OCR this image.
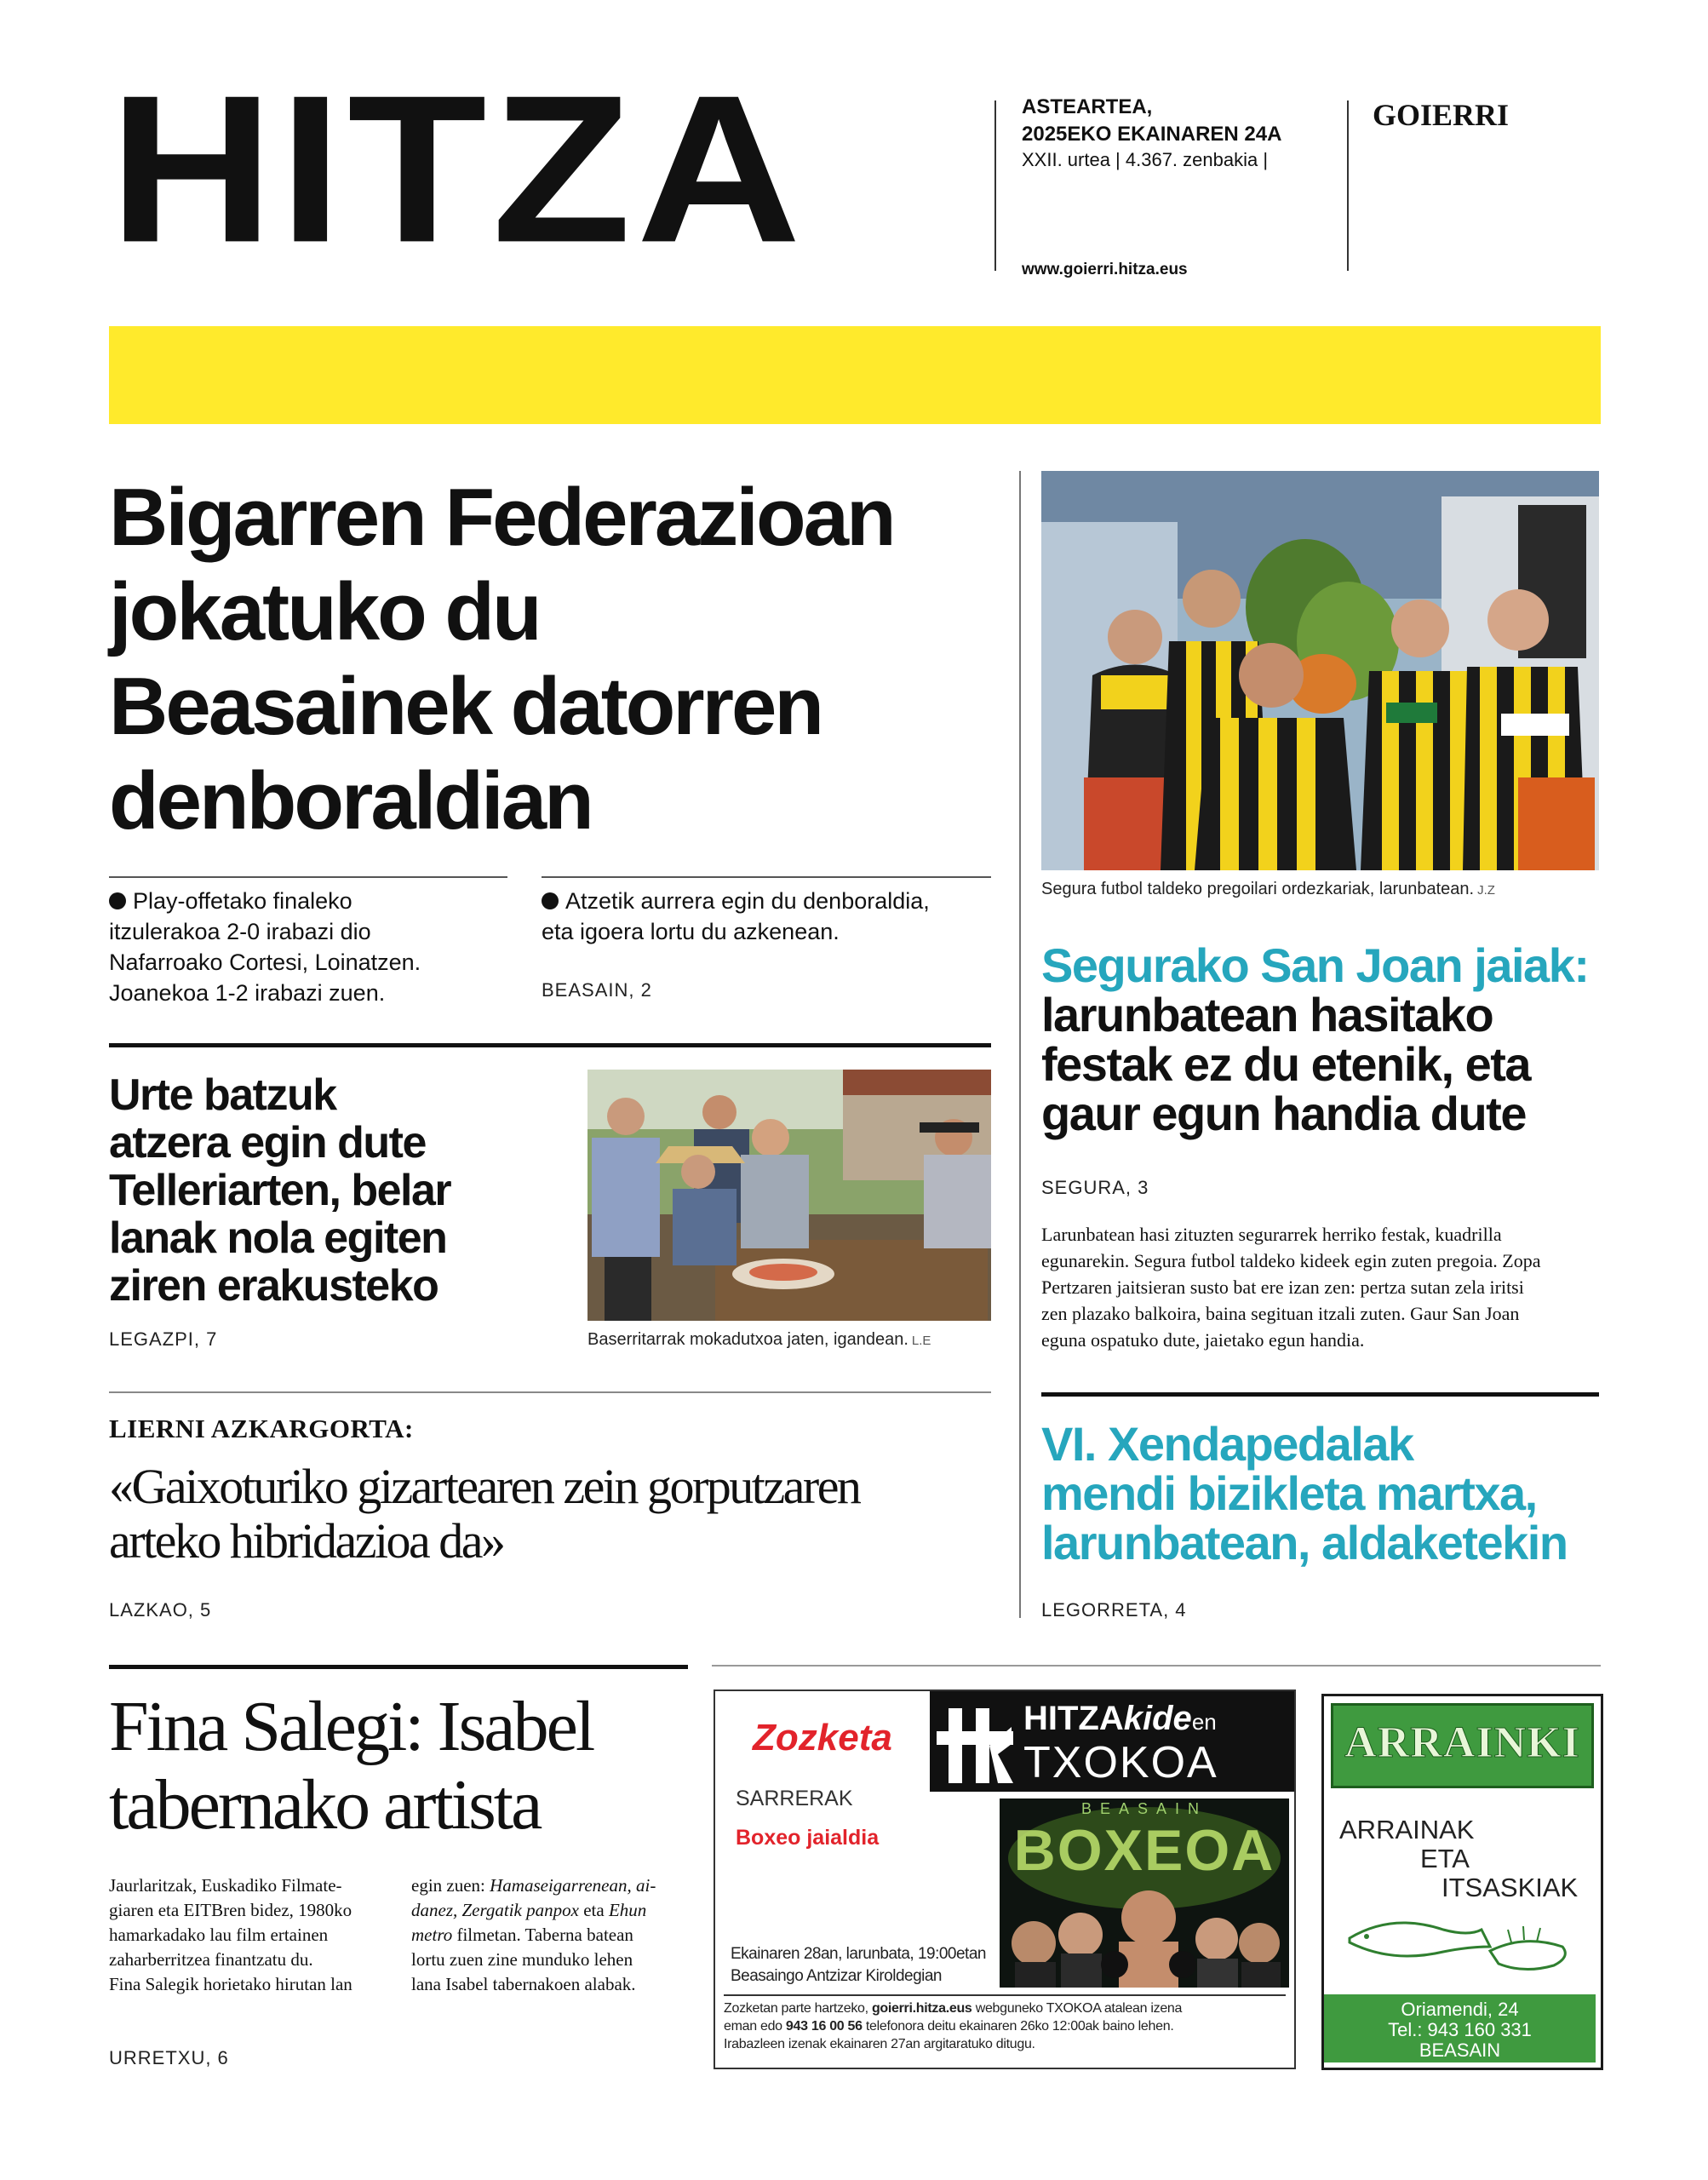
HITZA	ASTEARTEA,
2025EKO EKAINAREN 24A
XXII. urtea | 4.367. zenbakia |
www.goierri.hitza.eus
GOIERRI
Bigarren Federazioan
jokatuko du
Beasainek datorren
denboraldian
Play-offetako finaleko
itzulerakoa 2-0 irabazi dio
Nafarroako Cortesi, Loinatzen.
Joanekoa 1-2 irabazi zuen.
Atzetik aurrera egin du denboraldia,
eta igoera lortu du azkenean.
BEASAIN, 2
Segura futbol taldeko pregoilari ordezkariak, larunbatean. J.Z
Segurako San Joan jaiak:
larunbatean hasitako
festak ez du etenik, eta
gaur egun handia dute
SEGURA, 3
Larunbatean hasi zituzten segurarrek herriko festak, kuadrilla
egunarekin. Segura futbol taldeko kideek egin zuten pregoia. Zopa
Pertzaren jaitsieran susto bat ere izan zen: pertza sutan zela iritsi
zen plazako balkoira, baina segituan itzali zuten. Gaur San Joan
eguna ospatuko dute, jaietako egun handia.
Urte batzuk
atzera egin dute
Telleriarten, belar
lanak nola egiten
ziren erakusteko
LEGAZPI, 7	Baserritarrak mokadutxoa jaten, igandean. L.E
LIERNI AZKARGORTA:
«Gaixoturiko gizartearen zein gorputzaren
arteko hibridazioa da»
LAZKAO, 5
VI. Xendapedalak
mendi bizikleta martxa,
larunbatean, aldaketekin
LEGORRETA, 4
Fina Salegi: Isabel
tabernako artista
Jaurlaritzak, Euskadiko Filmate-
giaren eta EITBren bidez, 1980ko
hamarkadako lau film ertainen
zaharberritzea finantzatu du.
Fina Salegik horietako hirutan lan
egin zuen: Hamaseigarrenean, ai-
danez, Zergatik panpox eta Ehun
metro filmetan. Taberna batean
lortu zuen zine munduko lehen
lana Isabel tabernakoen alabak.
URRETXU, 6
Zozketa	HITZAkideen
TXOKOA
SARRERAK
Boxeo jaialdia
BEASAIN
BOXEOA
Ekainaren 28an, larunbata, 19:00etan
Beasaingo Antzizar Kiroldegian
Zozketan parte hartzeko, goierri.hitza.eus webguneko TXOKOA atalean izena
eman edo 943 16 00 56 telefonora deitu ekainaren 26ko 12:00ak baino lehen.
Irabazleen izenak ekainaren 27an argitaratuko ditugu.
ARRAINKI
ARRAINAK
ETA
ITSASKIAK
Oriamendi, 24
Tel.: 943 160 331
BEASAIN
